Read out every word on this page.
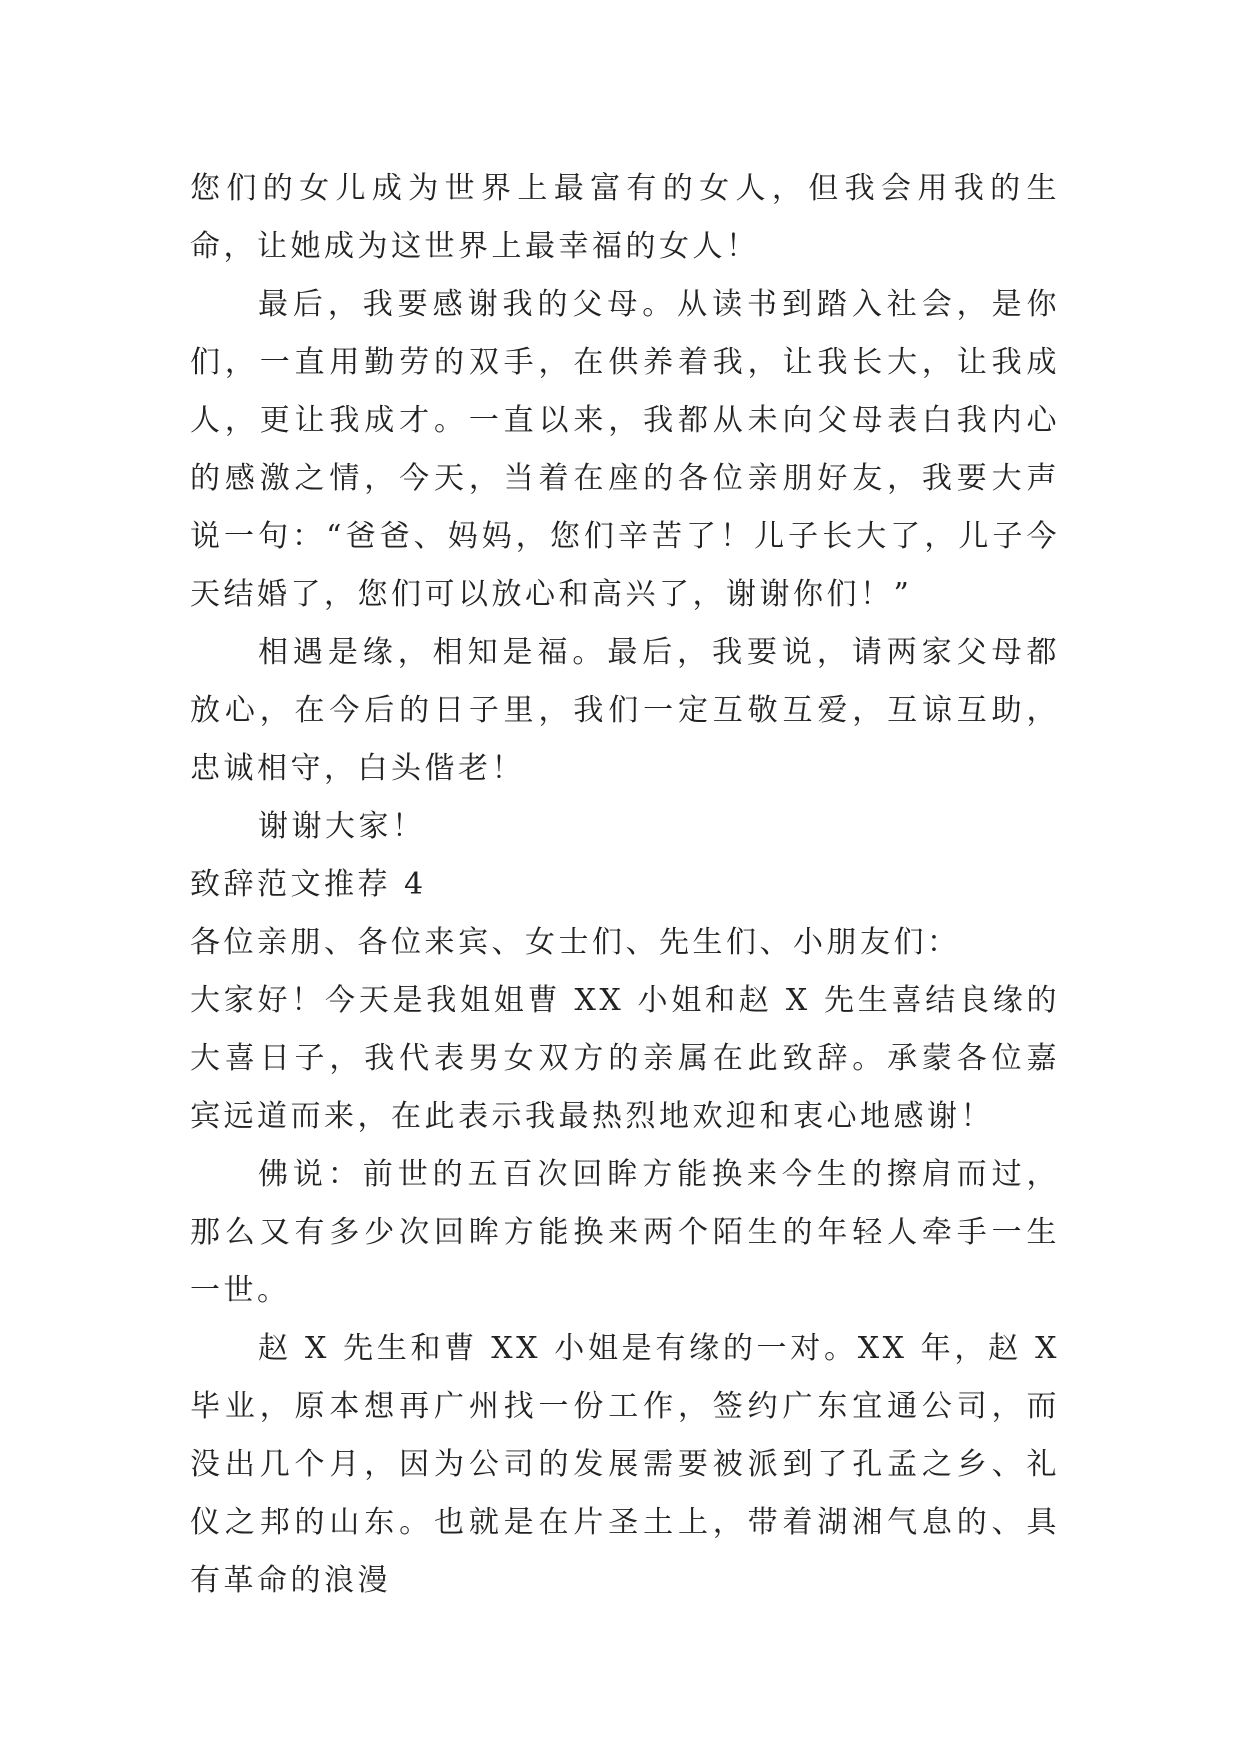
您们的女儿成为世界上最富有的女人，但我会用我的生命，让她成为这世界上最幸福的女人！

最后，我要感谢我的父母。从读书到踏入社会，是你们，一直用勤劳的双手，在供养着我，让我长大，让我成人，更让我成才。一直以来，我都从未向父母表白我内心的感激之情，今天，当着在座的各位亲朋好友，我要大声说一句：“爸爸、妈妈，您们辛苦了！儿子长大了，儿子今天结婚了，您们可以放心和高兴了，谢谢你们！”

相遇是缘，相知是福。最后，我要说，请两家父母都放心，在今后的日子里，我们一定互敬互爱，互谅互助，忠诚相守，白头偕老！

谢谢大家！

致辞范文推荐 4

各位亲朋、各位来宾、女士们、先生们、小朋友们：

大家好！今天是我姐姐曹 XX 小姐和赵 X 先生喜结良缘的大喜日子，我代表男女双方的亲属在此致辞。承蒙各位嘉宾远道而来，在此表示我最热烈地欢迎和衷心地感谢！

佛说：前世的五百次回眸方能换来今生的擦肩而过，那么又有多少次回眸方能换来两个陌生的年轻人牵手一生一世。

赵 X 先生和曹 XX 小姐是有缘的一对。XX 年，赵 X 毕业，原本想再广州找一份工作，签约广东宜通公司，而没出几个月，因为公司的发展需要被派到了孔孟之乡、礼仪之邦的山东。也就是在片圣土上，带着湖湘气息的、具有革命的浪漫
